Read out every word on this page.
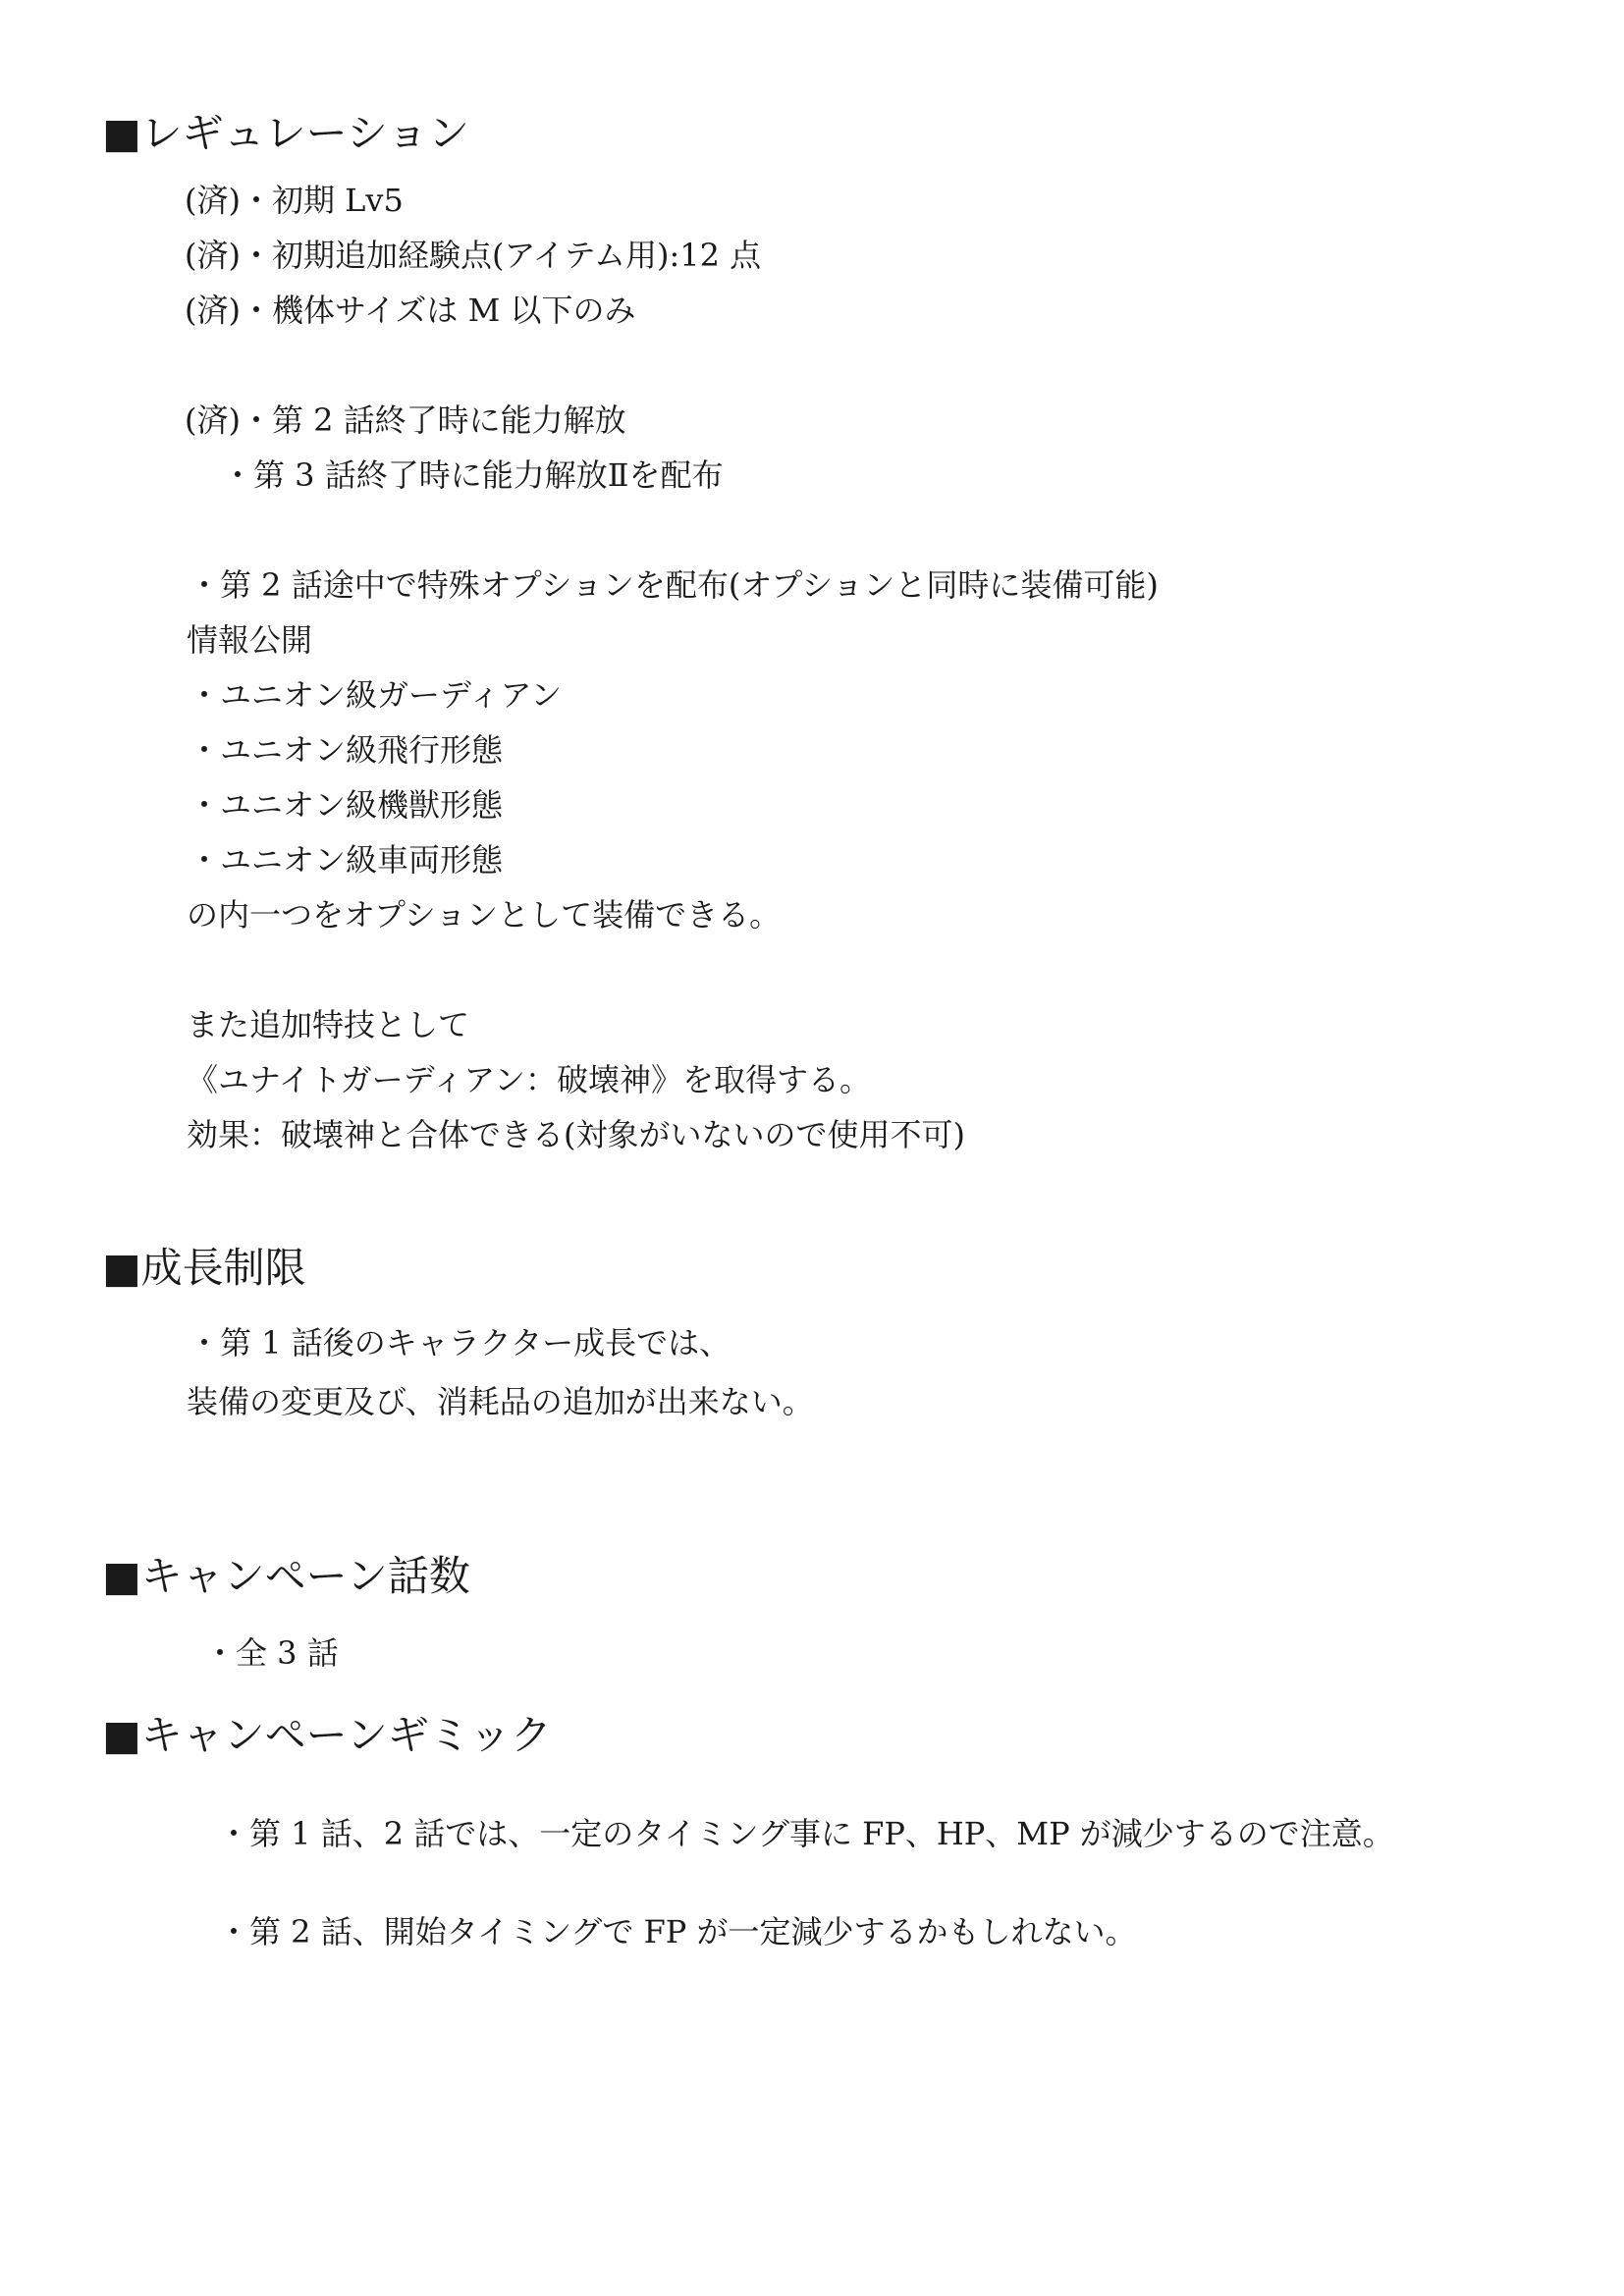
■レギュレーション
(済)・初期 Lv5
(済)・初期追加経験点(アイテム用):12 点
(済)・機体サイズは M 以下のみ
(済)・第 2 話終了時に能力解放
・第 3 話終了時に能力解放Ⅱを配布
・第 2 話途中で特殊オプションを配布(オプションと同時に装備可能)
情報公開
・ユニオン級ガーディアン
・ユニオン級飛行形態
・ユニオン級機獣形態
・ユニオン級車両形態
の内一つをオプションとして装備できる。
また追加特技として
《ユナイトガーディアン：破壊神》を取得する。
効果：破壊神と合体できる(対象がいないので使用不可)
■成長制限
・第 1 話後のキャラクター成長では、
装備の変更及び、消耗品の追加が出来ない。
■キャンペーン話数
・全 3 話
■キャンペーンギミック
・第 1 話、2 話では、一定のタイミング事に FP、HP、MP が減少するので注意。
・第 2 話、開始タイミングで FP が一定減少するかもしれない。
